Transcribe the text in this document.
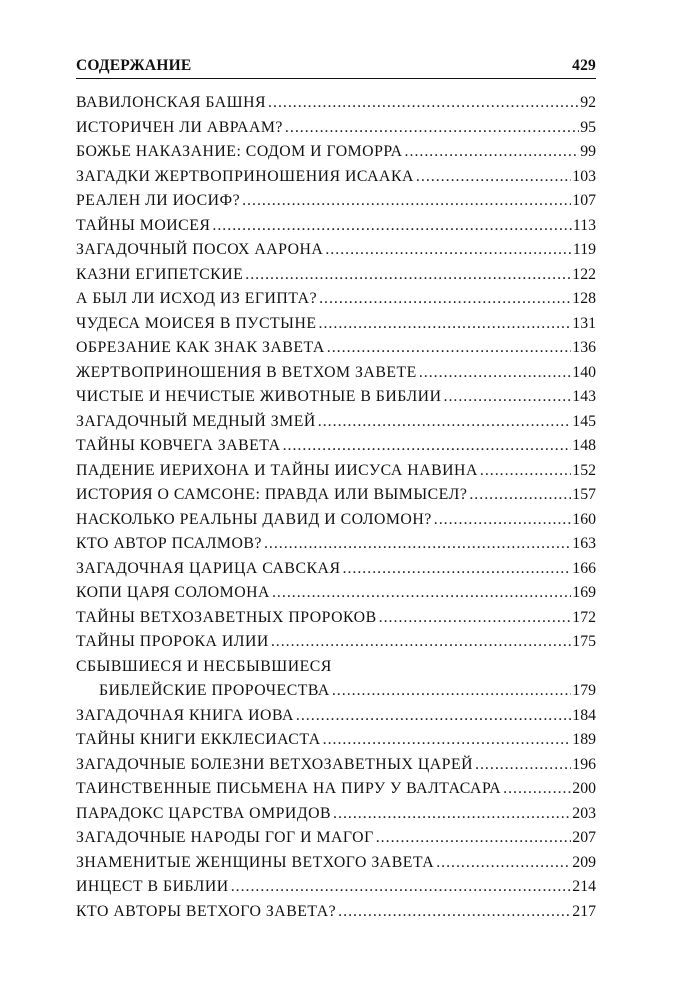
СОДЕРЖАНИЕ	429
ВАВИЛОНСКАЯ БАШНЯ .....	92
ИСТОРИЧЕН ЛИ АВРААМ? .....	95
БОЖЬЕ НАКАЗАНИЕ: СОДОМ И ГОМОРРА .....	99
ЗАГАДКИ ЖЕРТВОПРИНОШЕНИЯ ИСААКА .....	103
РЕАЛЕН ЛИ ИОСИФ? .....	107
ТАЙНЫ МОИСЕЯ .....	113
ЗАГАДОЧНЫЙ ПОСОХ ААРОНА .....	119
КАЗНИ ЕГИПЕТСКИЕ .....	122
А БЫЛ ЛИ ИСХОД ИЗ ЕГИПТА? .....	128
ЧУДЕСА МОИСЕЯ В ПУСТЫНЕ .....	131
ОБРЕЗАНИЕ КАК ЗНАК ЗАВЕТА .....	136
ЖЕРТВОПРИНОШЕНИЯ В ВЕТХОМ ЗАВЕТЕ .....	140
ЧИСТЫЕ И НЕЧИСТЫЕ ЖИВОТНЫЕ В БИБЛИИ .....	143
ЗАГАДОЧНЫЙ МЕДНЫЙ ЗМЕЙ .....	145
ТАЙНЫ КОВЧЕГА ЗАВЕТА .....	148
ПАДЕНИЕ ИЕРИХОНА И ТАЙНЫ ИИСУСА НАВИНА .....	152
ИСТОРИЯ О САМСОНЕ: ПРАВДА ИЛИ ВЫМЫСЕЛ? .....	157
НАСКОЛЬКО РЕАЛЬНЫ ДАВИД И СОЛОМОН? .....	160
КТО АВТОР ПСАЛМОВ? .....	163
ЗАГАДОЧНАЯ ЦАРИЦА САВСКАЯ .....	166
КОПИ ЦАРЯ СОЛОМОНА .....	169
ТАЙНЫ ВЕТХОЗАВЕТНЫХ ПРОРОКОВ .....	172
ТАЙНЫ ПРОРОКА ИЛИИ .....	175
СБЫВШИЕСЯ И НЕСБЫВШИЕСЯ
БИБЛЕЙСКИЕ ПРОРОЧЕСТВА .....	179
ЗАГАДОЧНАЯ КНИГА ИОВА .....	184
ТАЙНЫ КНИГИ ЕККЛЕСИАСТА .....	189
ЗАГАДОЧНЫЕ БОЛЕЗНИ ВЕТХОЗАВЕТНЫХ ЦАРЕЙ .....	196
ТАИНСТВЕННЫЕ ПИСЬМЕНА НА ПИРУ У ВАЛТАСАРА .....	200
ПАРАДОКС ЦАРСТВА ОМРИДОВ .....	203
ЗАГАДОЧНЫЕ НАРОДЫ ГОГ И МАГОГ .....	207
ЗНАМЕНИТЫЕ ЖЕНЩИНЫ ВЕТХОГО ЗАВЕТА .....	209
ИНЦЕСТ В БИБЛИИ .....	214
КТО АВТОРЫ ВЕТХОГО ЗАВЕТА? .....	217
